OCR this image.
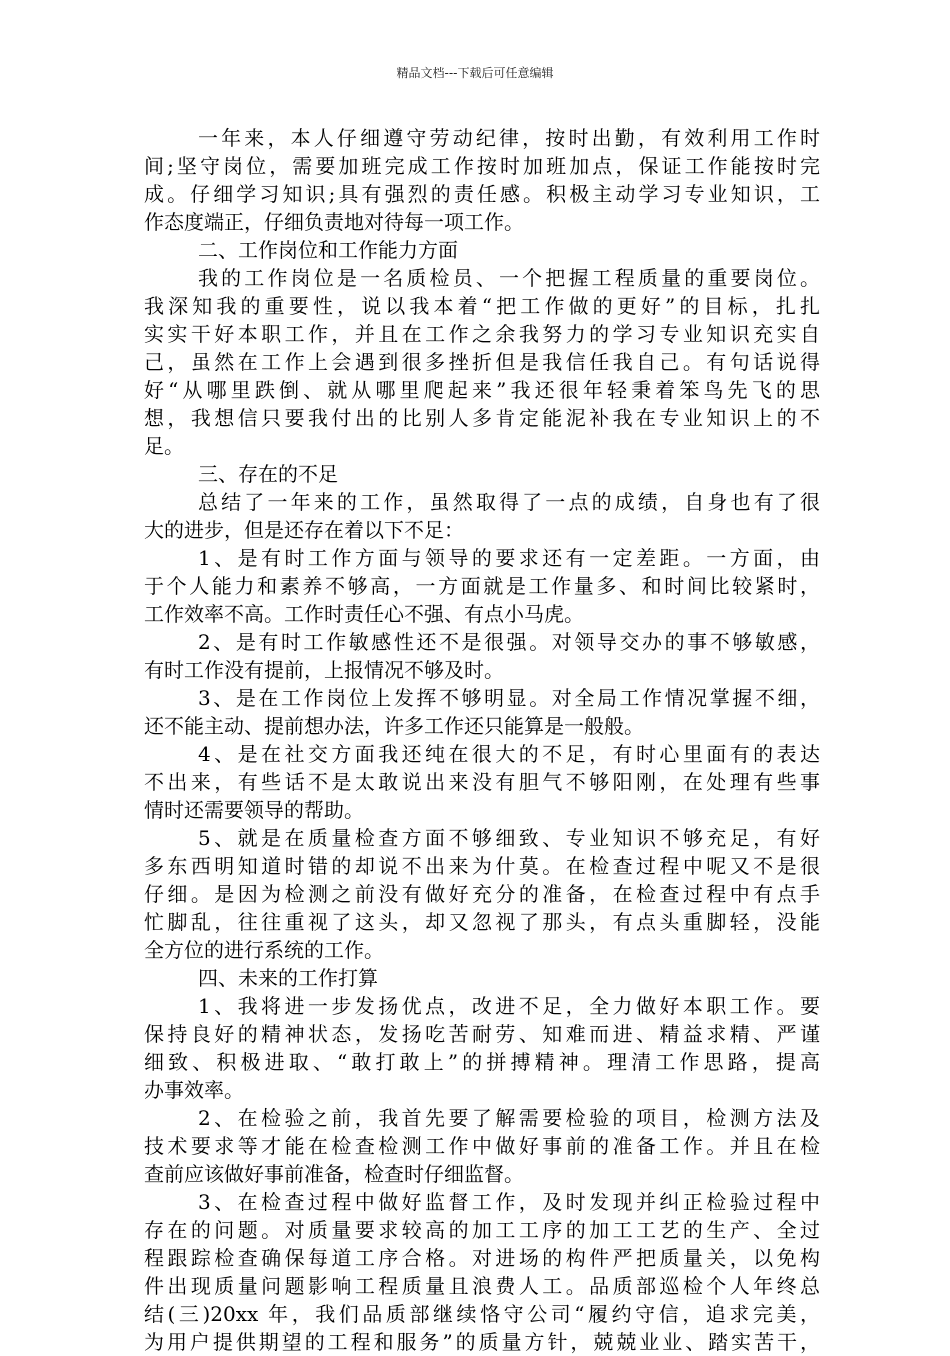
精品文档---下载后可任意编辑
一年来，本人仔细遵守劳动纪律，按时出勤，有效利用工作时
间;坚守岗位，需要加班完成工作按时加班加点，保证工作能按时完
成。仔细学习知识;具有强烈的责任感。积极主动学习专业知识，工
作态度端正，仔细负责地对待每一项工作。
二、工作岗位和工作能力方面
我的工作岗位是一名质检员、一个把握工程质量的重要岗位。
我深知我的重要性，说以我本着“把工作做的更好”的目标，扎扎
实实干好本职工作，并且在工作之余我努力的学习专业知识充实自
己，虽然在工作上会遇到很多挫折但是我信任我自己。有句话说得
好“从哪里跌倒、就从哪里爬起来”我还很年轻秉着笨鸟先飞的思
想，我想信只要我付出的比别人多肯定能泥补我在专业知识上的不
足。
三、存在的不足
总结了一年来的工作，虽然取得了一点的成绩，自身也有了很
大的进步，但是还存在着以下不足：
1、是有时工作方面与领导的要求还有一定差距。一方面，由
于个人能力和素养不够高，一方面就是工作量多、和时间比较紧时，
工作效率不高。工作时责任心不强、有点小马虎。
2、是有时工作敏感性还不是很强。对领导交办的事不够敏感，
有时工作没有提前，上报情况不够及时。
3、是在工作岗位上发挥不够明显。对全局工作情况掌握不细，
还不能主动、提前想办法，许多工作还只能算是一般般。
4、是在社交方面我还纯在很大的不足，有时心里面有的表达
不出来，有些话不是太敢说出来没有胆气不够阳刚，在处理有些事
情时还需要领导的帮助。
5、就是在质量检查方面不够细致、专业知识不够充足，有好
多东西明知道时错的却说不出来为什莫。在检查过程中呢又不是很
仔细。是因为检测之前没有做好充分的准备，在检查过程中有点手
忙脚乱，往往重视了这头，却又忽视了那头，有点头重脚轻，没能
全方位的进行系统的工作。
四、未来的工作打算
1、我将进一步发扬优点，改进不足，全力做好本职工作。要
保持良好的精神状态，发扬吃苦耐劳、知难而进、精益求精、严谨
细致、积极进取、“敢打敢上”的拼搏精神。理清工作思路，提高
办事效率。
2、在检验之前，我首先要了解需要检验的项目，检测方法及
技术要求等才能在检查检测工作中做好事前的准备工作。并且在检
查前应该做好事前准备，检查时仔细监督。
3、在检查过程中做好监督工作，及时发现并纠正检验过程中
存在的问题。对质量要求较高的加工工序的加工工艺的生产、全过
程跟踪检查确保每道工序合格。对进场的构件严把质量关，以免构
件出现质量问题影响工程质量且浪费人工。品质部巡检个人年终总
结(三)20xx 年，我们品质部继续恪守公司“履约守信，追求完美，
为用户提供期望的工程和服务”的质量方针，兢兢业业、踏实苦干，
